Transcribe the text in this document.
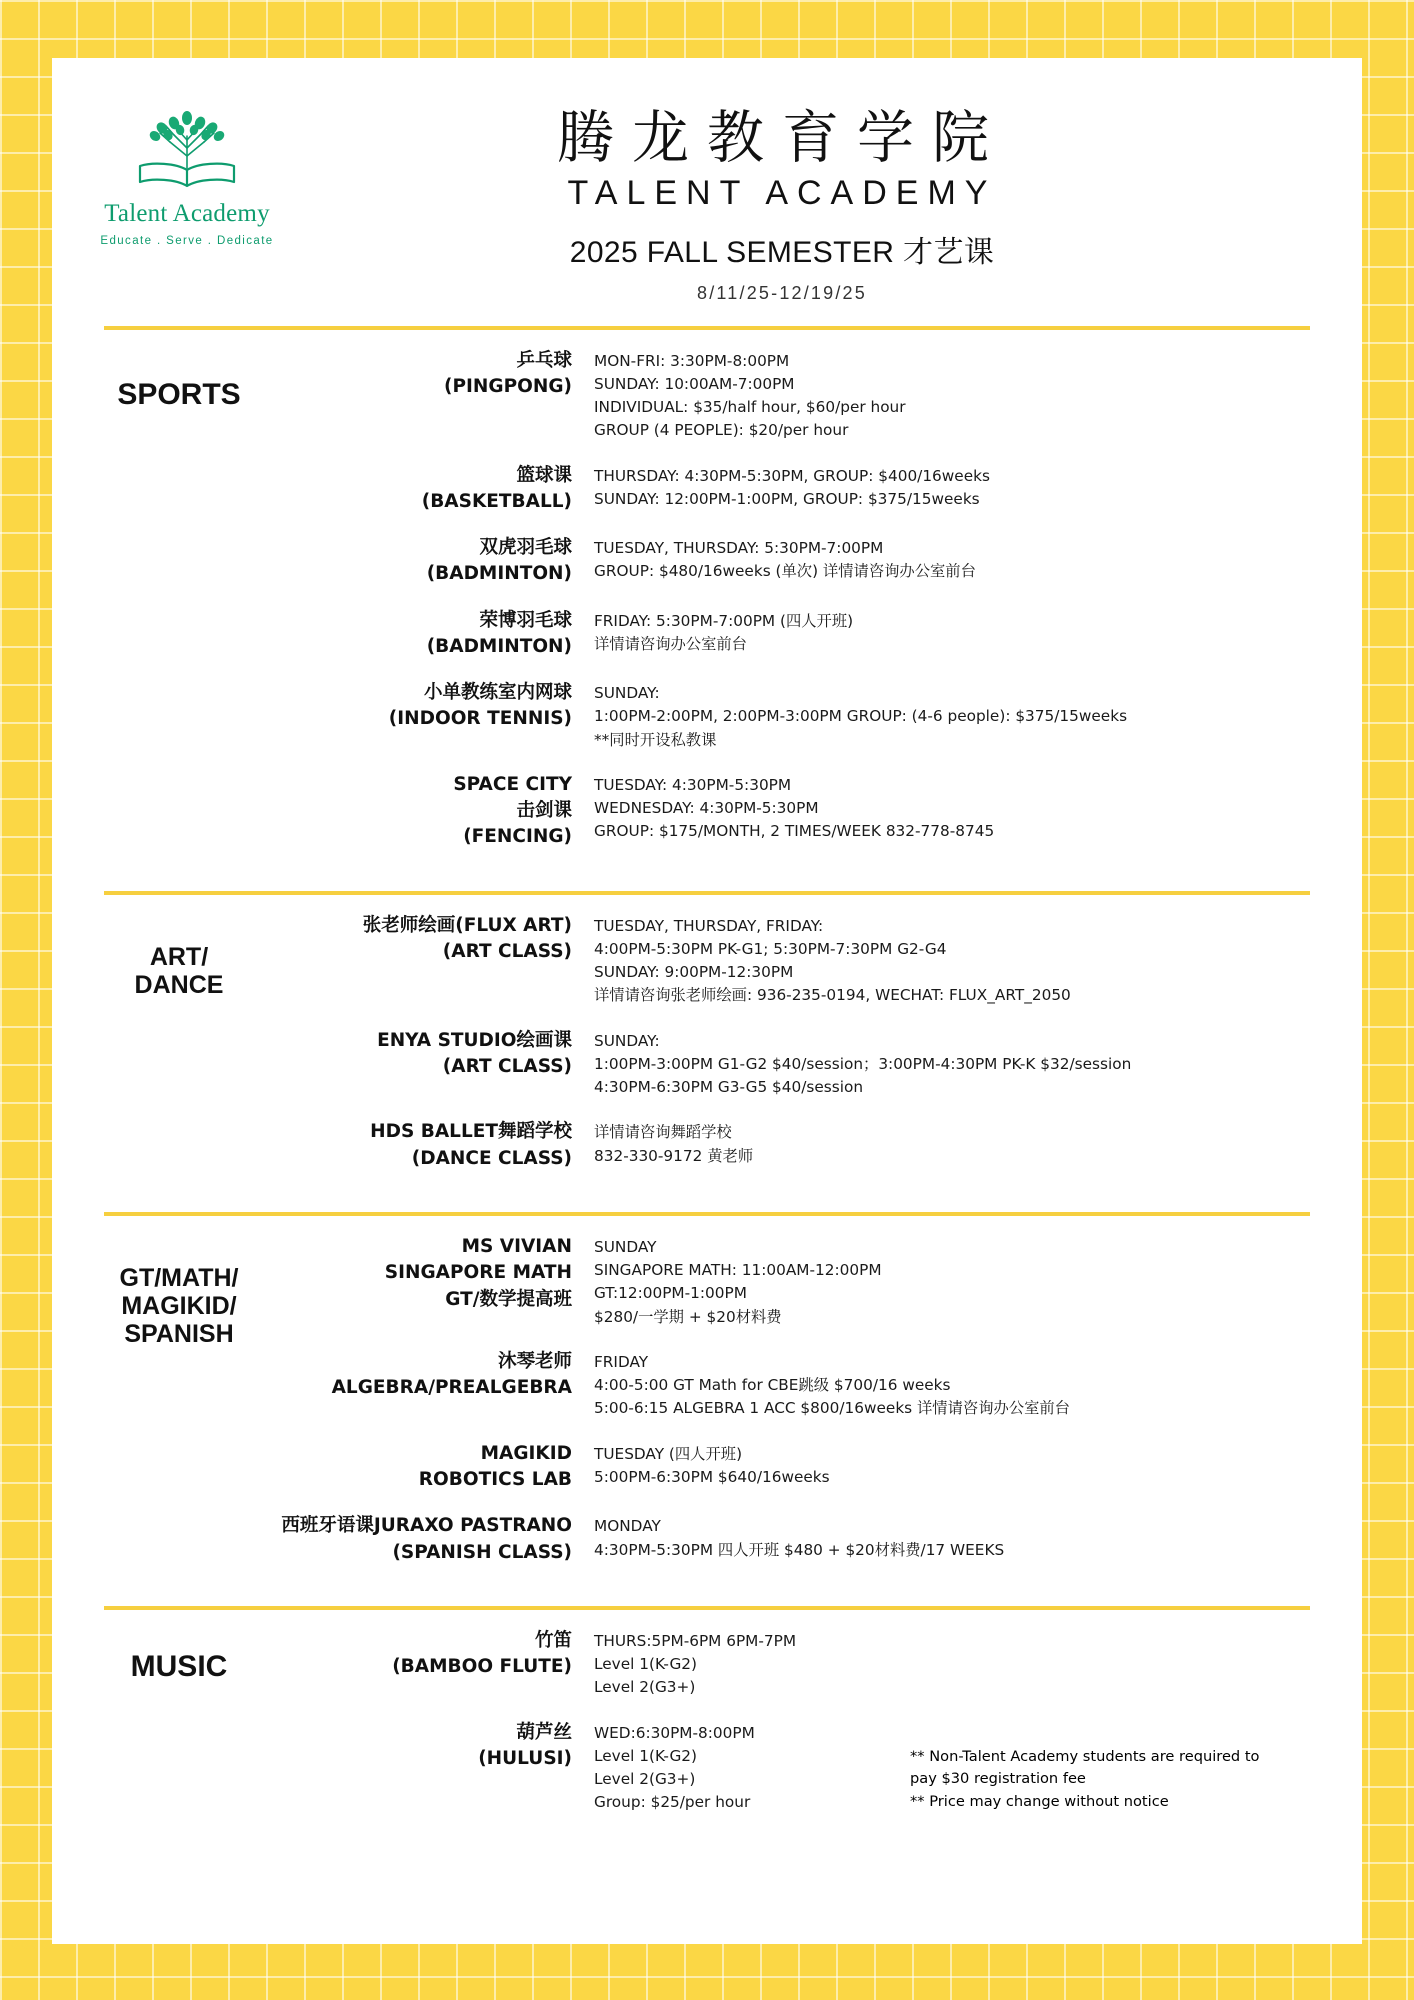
Talent Academy
Educate . Serve . Dedicate
腾龙教育学院
TALENT ACADEMY
2025 FALL SEMESTER 才艺课
8/11/25-12/19/25
SPORTS
乒乓球
(PINGPONG)
MON-FRI: 3:30PM-8:00PM
SUNDAY: 10:00AM-7:00PM
INDIVIDUAL: $35/half hour, $60/per hour
GROUP (4 PEOPLE): $20/per hour
篮球课
(BASKETBALL)
THURSDAY: 4:30PM-5:30PM, GROUP: $400/16weeks
SUNDAY: 12:00PM-1:00PM, GROUP: $375/15weeks
双虎羽毛球
(BADMINTON)
TUESDAY, THURSDAY: 5:30PM-7:00PM
GROUP: $480/16weeks (单次) 详情请咨询办公室前台
荣博羽毛球
(BADMINTON)
FRIDAY: 5:30PM-7:00PM (四人开班)
详情请咨询办公室前台
小单教练室内网球
(INDOOR TENNIS)
SUNDAY:
1:00PM-2:00PM, 2:00PM-3:00PM GROUP: (4-6 people): $375/15weeks
**同时开设私教课
SPACE CITY
击剑课
(FENCING)
TUESDAY: 4:30PM-5:30PM
WEDNESDAY: 4:30PM-5:30PM
GROUP: $175/MONTH, 2 TIMES/WEEK 832-778-8745
ART/
DANCE
张老师绘画(FLUX ART)
(ART CLASS)
TUESDAY, THURSDAY, FRIDAY:
4:00PM-5:30PM PK-G1; 5:30PM-7:30PM G2-G4
SUNDAY: 9:00PM-12:30PM
详情请咨询张老师绘画: 936-235-0194, WECHAT: FLUX_ART_2050
ENYA STUDIO绘画课
(ART CLASS)
SUNDAY:
1:00PM-3:00PM G1-G2 $40/session；3:00PM-4:30PM PK-K $32/session
4:30PM-6:30PM G3-G5 $40/session
HDS BALLET舞蹈学校
(DANCE CLASS)
详情请咨询舞蹈学校
832-330-9172 黄老师
GT/MATH/
MAGIKID/
SPANISH
MS VIVIAN
SINGAPORE MATH
GT/数学提高班
SUNDAY
SINGAPORE MATH: 11:00AM-12:00PM
GT:12:00PM-1:00PM
$280/一学期 + $20材料费
沐琴老师
ALGEBRA/PREALGEBRA
FRIDAY
4:00-5:00 GT Math for CBE跳级 $700/16 weeks
5:00-6:15 ALGEBRA 1 ACC $800/16weeks 详情请咨询办公室前台
MAGIKID
ROBOTICS LAB
TUESDAY (四人开班)
5:00PM-6:30PM $640/16weeks
西班牙语课JURAXO PASTRANO
(SPANISH CLASS)
MONDAY
4:30PM-5:30PM 四人开班 $480 + $20材料费/17 WEEKS
MUSIC
竹笛
(BAMBOO FLUTE)
THURS:5PM-6PM 6PM-7PM
Level 1(K-G2)
Level 2(G3+)
葫芦丝
(HULUSI)
WED:6:30PM-8:00PM
Level 1(K-G2)
Level 2(G3+)
Group: $25/per hour
** Non-Talent Academy students are required to
pay $30 registration fee
** Price may change without notice
